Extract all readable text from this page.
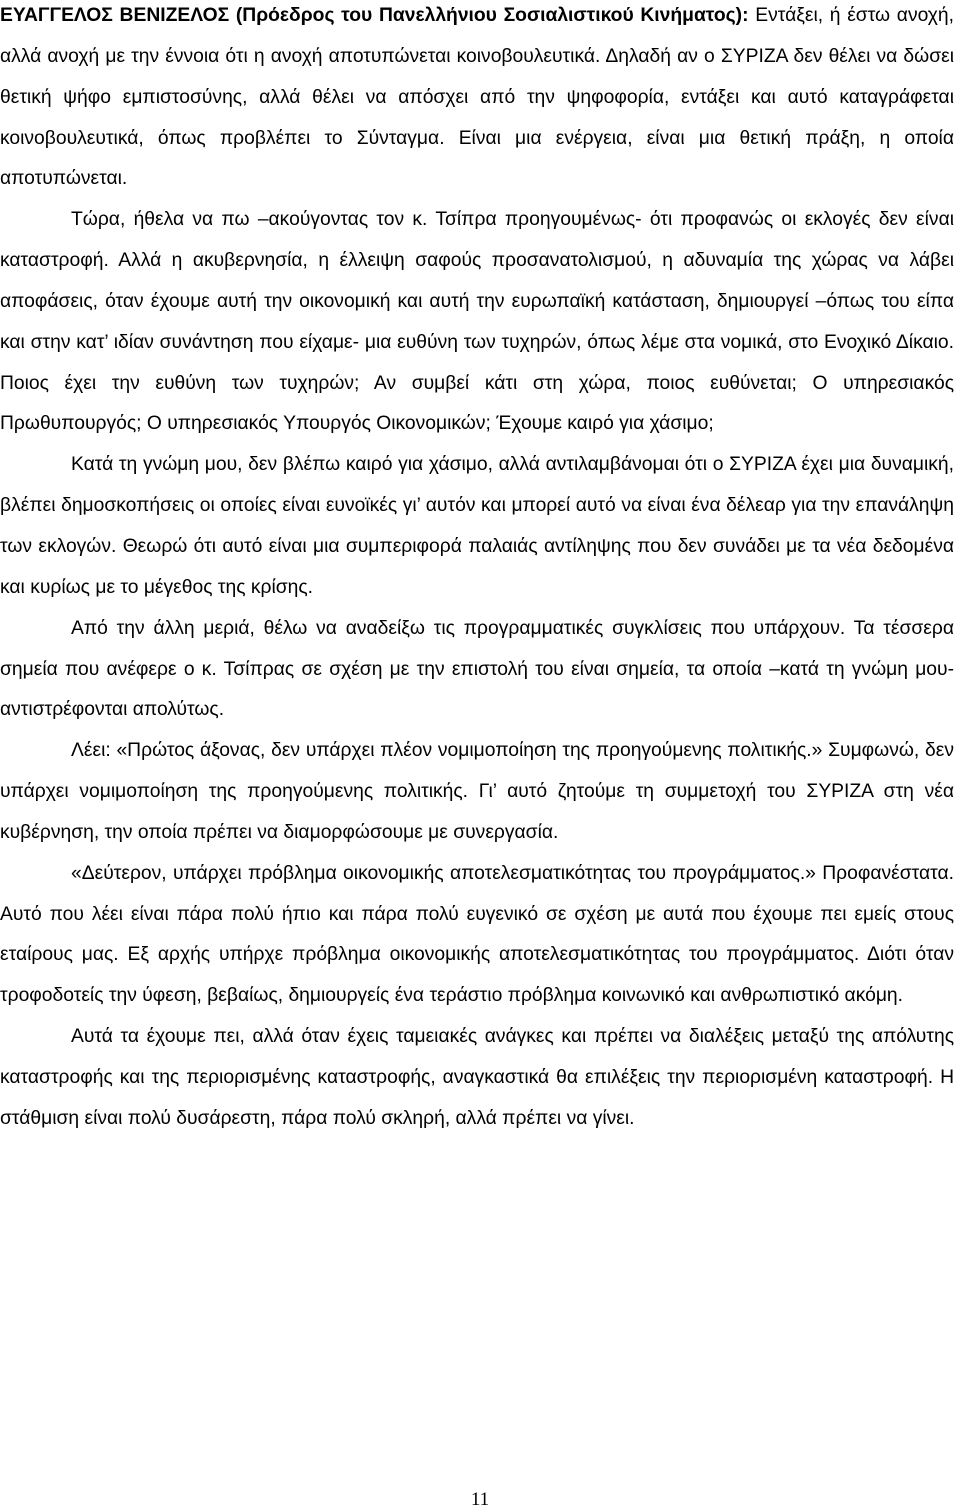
ΕΥΑΓΓΕΛΟΣ ΒΕΝΙΖΕΛΟΣ (Πρόεδρος του Πανελλήνιου Σοσιαλιστικού Κινήματος): Εντάξει, ή έστω ανοχή, αλλά ανοχή με την έννοια ότι η ανοχή αποτυπώνεται κοινοβουλευτικά. Δηλαδή αν ο ΣΥΡΙΖΑ δεν θέλει να δώσει θετική ψήφο εμπιστοσύνης, αλλά θέλει να απόσχει από την ψηφοφορία, εντάξει και αυτό καταγράφεται κοινοβουλευτικά, όπως προβλέπει το Σύνταγμα. Είναι μια ενέργεια, είναι μια θετική πράξη, η οποία αποτυπώνεται.

Τώρα, ήθελα να πω –ακούγοντας τον κ. Τσίπρα προηγουμένως- ότι προφανώς οι εκλογές δεν είναι καταστροφή. Αλλά η ακυβερνησία, η έλλειψη σαφούς προσανατολισμού, η αδυναμία της χώρας να λάβει αποφάσεις, όταν έχουμε αυτή την οικονομική και αυτή την ευρωπαϊκή κατάσταση, δημιουργεί –όπως του είπα και στην κατ’ ιδίαν συνάντηση που είχαμε- μια ευθύνη των τυχηρών, όπως λέμε στα νομικά, στο Ενοχικό Δίκαιο. Ποιος έχει την ευθύνη των τυχηρών; Αν συμβεί κάτι στη χώρα, ποιος ευθύνεται; Ο υπηρεσιακός Πρωθυπουργός; Ο υπηρεσιακός Υπουργός Οικονομικών; Έχουμε καιρό για χάσιμο;

Κατά τη γνώμη μου, δεν βλέπω καιρό για χάσιμο, αλλά αντιλαμβάνομαι ότι ο ΣΥΡΙΖΑ έχει μια δυναμική, βλέπει δημοσκοπήσεις οι οποίες είναι ευνοϊκές γι’ αυτόν και μπορεί αυτό να είναι ένα δέλεαρ για την επανάληψη των εκλογών. Θεωρώ ότι αυτό είναι μια συμπεριφορά παλαιάς αντίληψης που δεν συνάδει με τα νέα δεδομένα και κυρίως με το μέγεθος της κρίσης.

Από την άλλη μεριά, θέλω να αναδείξω τις προγραμματικές συγκλίσεις που υπάρχουν. Τα τέσσερα σημεία που ανέφερε ο κ. Τσίπρας σε σχέση με την επιστολή του είναι σημεία, τα οποία –κατά τη γνώμη μου- αντιστρέφονται απολύτως.

Λέει: «Πρώτος άξονας, δεν υπάρχει πλέον νομιμοποίηση της προηγούμενης πολιτικής.» Συμφωνώ, δεν υπάρχει νομιμοποίηση της προηγούμενης πολιτικής. Γι’ αυτό ζητούμε τη συμμετοχή του ΣΥΡΙΖΑ στη νέα κυβέρνηση, την οποία πρέπει να διαμορφώσουμε με συνεργασία.

«Δεύτερον, υπάρχει πρόβλημα οικονομικής αποτελεσματικότητας του προγράμματος.» Προφανέστατα. Αυτό που λέει είναι πάρα πολύ ήπιο και πάρα πολύ ευγενικό σε σχέση με αυτά που έχουμε πει εμείς στους εταίρους μας. Εξ αρχής υπήρχε πρόβλημα οικονομικής αποτελεσματικότητας του προγράμματος. Διότι όταν τροφοδοτείς την ύφεση, βεβαίως, δημιουργείς ένα τεράστιο πρόβλημα κοινωνικό και ανθρωπιστικό ακόμη.

Αυτά τα έχουμε πει, αλλά όταν έχεις ταμειακές ανάγκες και πρέπει να διαλέξεις μεταξύ της απόλυτης καταστροφής και της περιορισμένης καταστροφής, αναγκαστικά θα επιλέξεις την περιορισμένη καταστροφή. Η στάθμιση είναι πολύ δυσάρεστη, πάρα πολύ σκληρή, αλλά πρέπει να γίνει.

11
